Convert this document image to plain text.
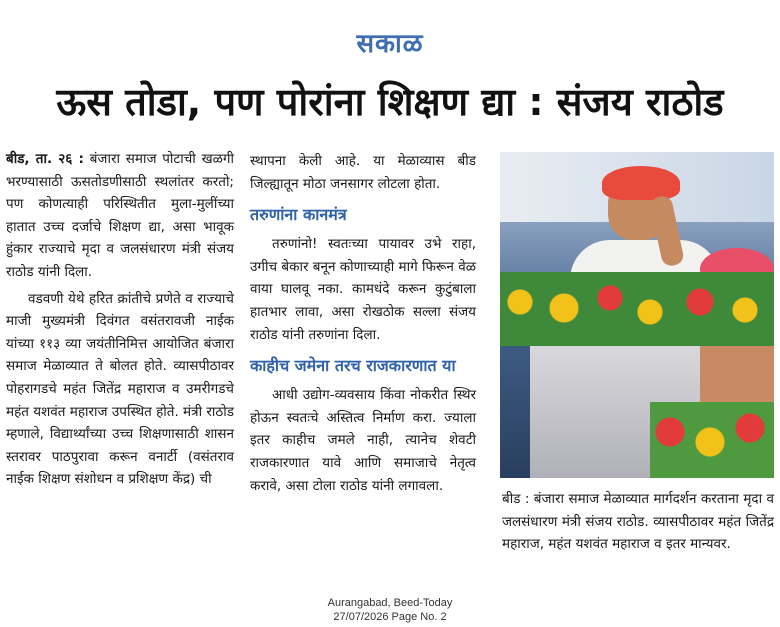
सकाळ
ऊस तोडा, पण पोरांना शिक्षण द्या : संजय राठोड

बीड, ता. २६ : बंजारा समाज पोटाची खळगी भरण्यासाठी ऊसतोडणीसाठी स्थलांतर करतो; पण कोणत्याही परिस्थितीत मुला-मुलींच्या हातात उच्च दर्जाचे शिक्षण द्या, असा भावूक हुंकार राज्याचे मृदा व जलसंधारण मंत्री संजय राठोड यांनी दिला.

वडवणी येथे हरित क्रांतीचे प्रणेते व राज्याचे माजी मुख्यमंत्री दिवंगत वसंतरावजी नाईक यांच्या ११३ व्या जयंतीनिमित्त आयोजित बंजारा समाज मेळाव्यात ते बोलत होते. व्यासपीठावर पोहरागडचे महंत जितेंद्र महाराज व उमरीगडचे महंत यशवंत महाराज उपस्थित होते. मंत्री राठोड म्हणाले, विद्यार्थ्यांच्या उच्च शिक्षणासाठी शासन स्तरावर पाठपुरावा करून वनार्टी (वसंतराव नाईक शिक्षण संशोधन व प्रशिक्षण केंद्र) ची

स्थापना केली आहे. या मेळाव्यास बीड जिल्ह्यातून मोठा जनसागर लोटला होता.

तरुणांना कानमंत्र

तरुणांनो! स्वतःच्या पायावर उभे राहा, उगीच बेकार बनून कोणाच्याही मागे फिरून वेळ वाया घालवू नका. कामधंदे करून कुटुंबाला हातभार लावा, असा रोखठोक सल्ला संजय राठोड यांनी तरुणांना दिला.

काहीच जमेना तरच राजकारणात या

आधी उद्योग-व्यवसाय किंवा नोकरीत स्थिर होऊन स्वतःचे अस्तित्व निर्माण करा. ज्याला इतर काहीच जमले नाही, त्यानेच शेवटी राजकारणात यावे आणि समाजाचे नेतृत्व करावे, असा टोला राठोड यांनी लगावला.

बीड : बंजारा समाज मेळाव्यात मार्गदर्शन करताना मृदा व जलसंधारण मंत्री संजय राठोड. व्यासपीठावर महंत जितेंद्र महाराज, महंत यशवंत महाराज व इतर मान्यवर.
Aurangabad, Beed-Today
27/07/2026 Page No. 2
